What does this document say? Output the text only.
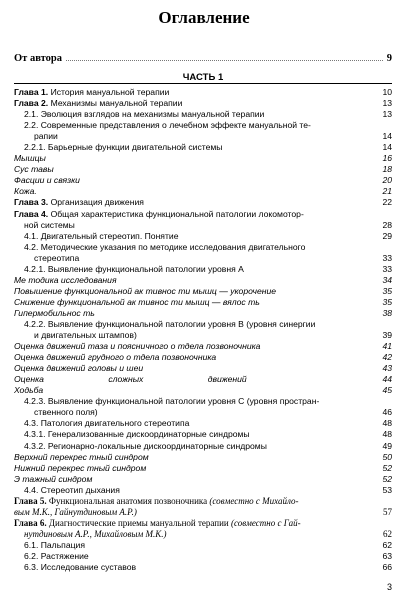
Оглавление
От автора	9
ЧАСТЬ 1
Глава 1. История мануальной терапии	10
Глава 2. Механизмы мануальной терапии	13
2.1. Эволюция взглядов на механизмы мануальной терапии	13
2.2. Современные представления о лечебном эффекте мануальной те-
рапии	14
2.2.1. Барьерные функции двигательной системы	14
Мышцы	16
Сус тавы	18
Фасции и связки	20
Кожа.	21
Глава 3. Организация движения	22
Глава 4. Общая характеристика функциональной патологии локомотор-
ной системы	28
4.1. Двигательный стереотип. Понятие	29
4.2. Методические указания по методике исследования двигательного
стереотипа	33
4.2.1. Выявление функциональной патологии уровня А	33
Ме тодика исследования	34
Повышение функциональной ак тивнос ти мышц — укорочение	35
Снижение функциональной ак тивнос ти мышц — вялос ть	35
Гипермобильнос ть	38
4.2.2. Выявление функциональной патологии уровня В (уровня синергии
и двигательных штампов)	39
Оценка движений таза и поясничного о тдела позвоночника	41
Оценка движений грудного о тдела позвоночника	42
Оценка движений головы и шеи	43
Оценка сложных движений	44
Ходьба	45
4.2.3. Выявление функциональной патологии уровня С (уровня простран-
ственного поля)	46
4.3. Патология двигательного стереотипа	48
4.3.1. Генерализованные дискоординаторные синдромы	48
4.3.2. Регионарно-локальные дискоординаторные синдромы	49
Верхний перекрес тный синдром	50
Нижний перекрес тный синдром	52
Э тажный синдром	52
4.4. Стереотип дыхания	53
Глава 5. Функциональная анатомия позвоночника (совместно с Михайло-
вым М.К., Гайнутдиновым А.Р.)	57
Глава 6. Диагностические приемы мануальной терапии (совместно с Гай-
нутдиновым А.Р., Михайловым М.К.)	62
6.1. Пальпация	62
6.2. Растяжение	63
6.3. Исследование суставов	66
3
